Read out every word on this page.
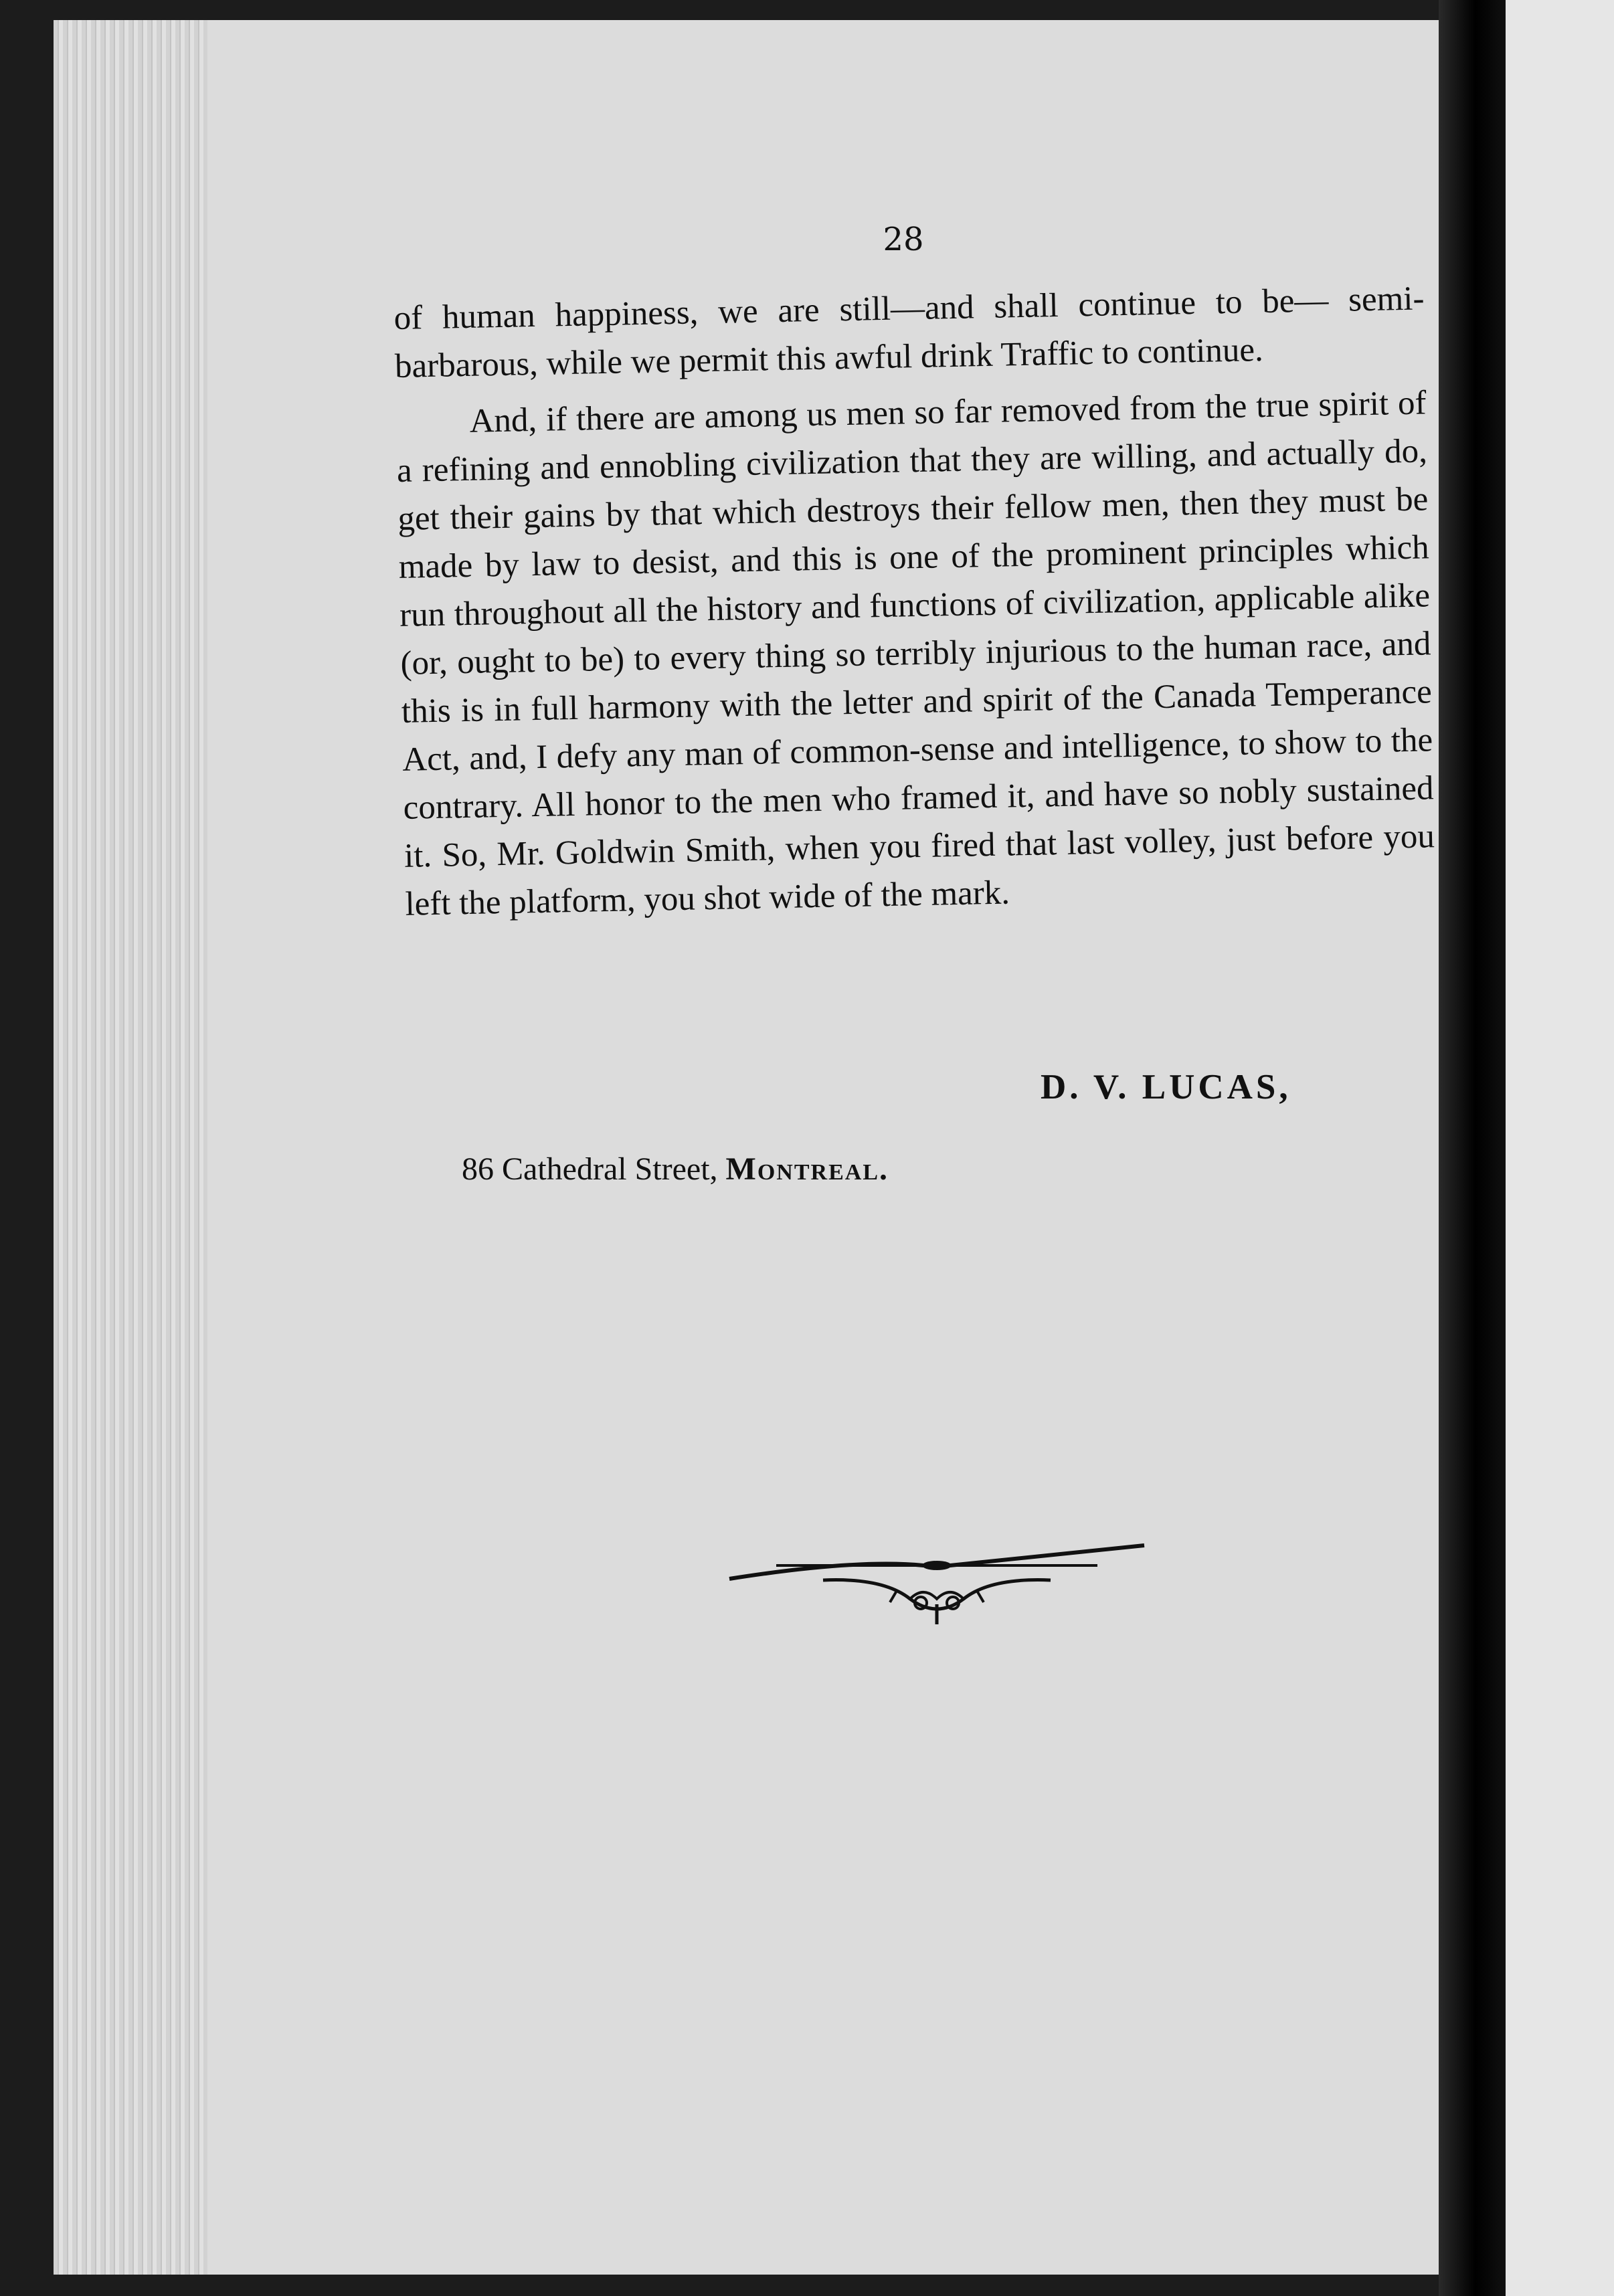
28

of human happiness, we are still—and shall continue to be— semi-barbarous, while we permit this awful drink Traffic to continue.

And, if there are among us men so far removed from the true spirit of a refining and ennobling civilization that they are willing, and actually do, get their gains by that which destroys their fellow men, then they must be made by law to desist, and this is one of the prominent principles which run throughout all the history and functions of civilization, applicable alike (or, ought to be) to every thing so terribly injurious to the human race, and this is in full harmony with the letter and spirit of the Canada Temperance Act, and, I defy any man of common-sense and intelligence, to show to the contrary. All honor to the men who framed it, and have so nobly sustained it. So, Mr. Goldwin Smith, when you fired that last volley, just before you left the platform, you shot wide of the mark.

D. V. LUCAS,
86 Cathedral Street, Montreal.
